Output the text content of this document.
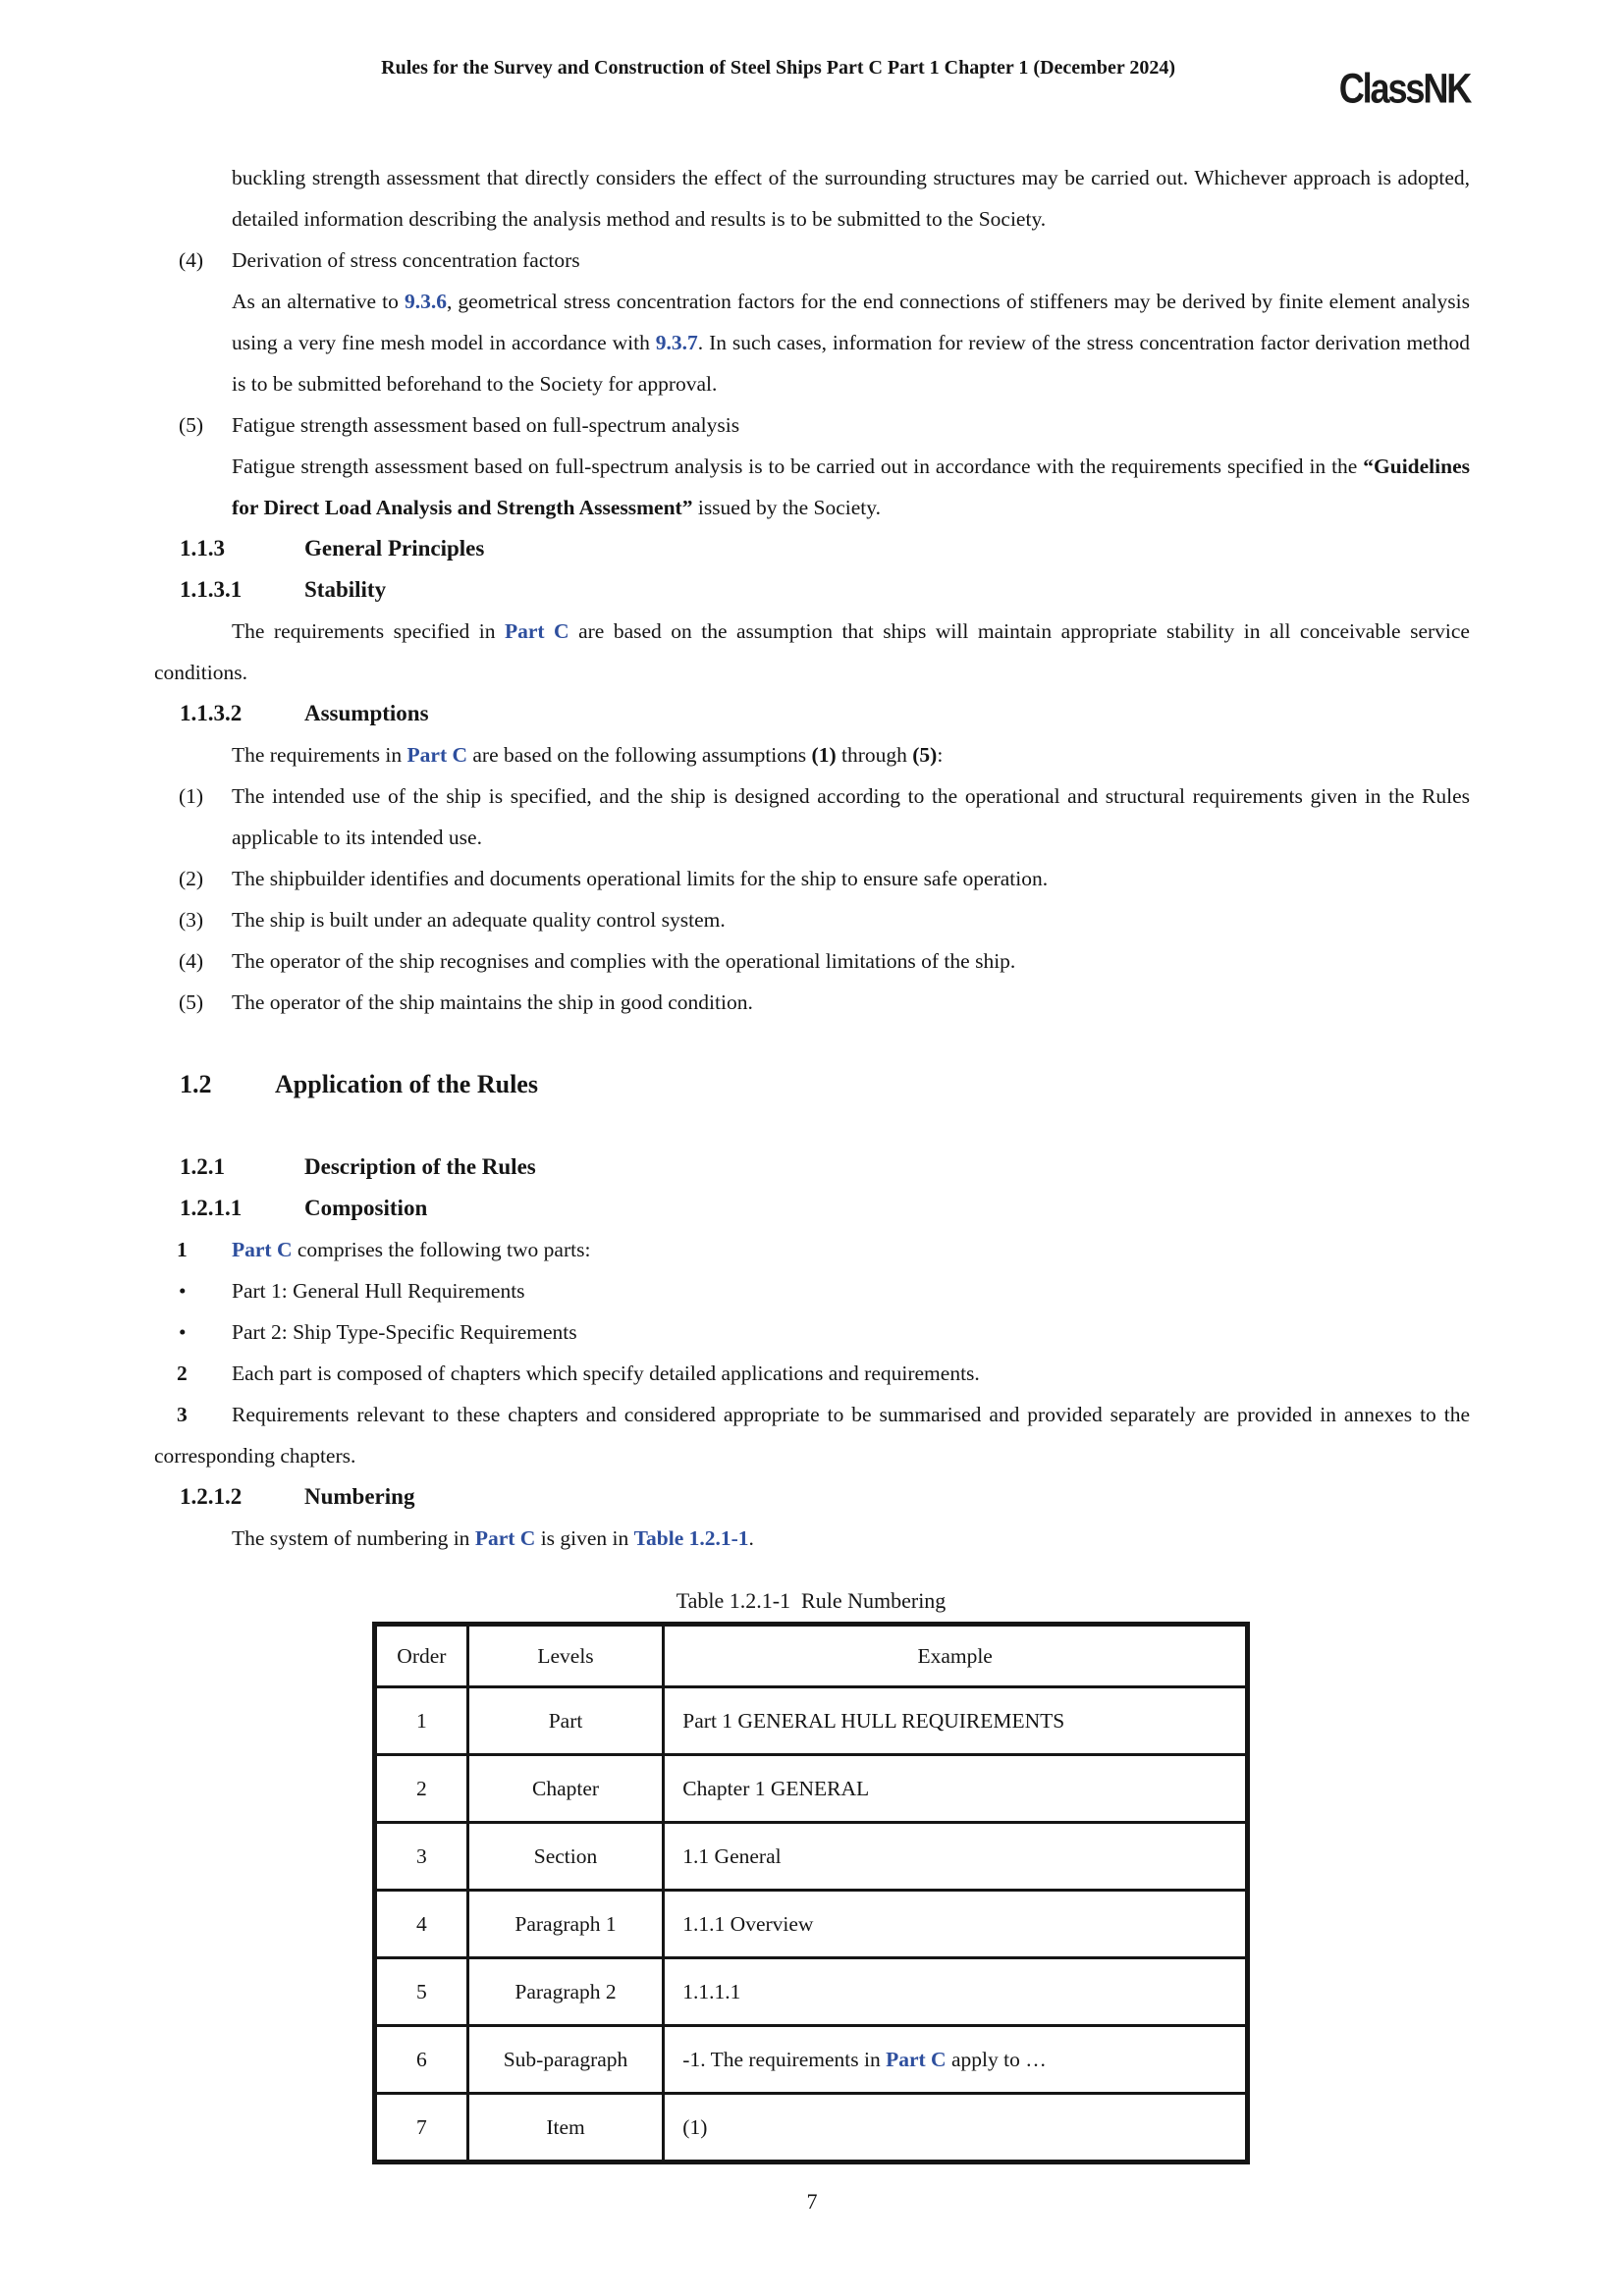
Rules for the Survey and Construction of Steel Ships Part C Part 1 Chapter 1 (December 2024)	ClassNK
buckling strength assessment that directly considers the effect of the surrounding structures may be carried out. Whichever approach is adopted, detailed information describing the analysis method and results is to be submitted to the Society.
(4) Derivation of stress concentration factors
As an alternative to 9.3.6, geometrical stress concentration factors for the end connections of stiffeners may be derived by finite element analysis using a very fine mesh model in accordance with 9.3.7. In such cases, information for review of the stress concentration factor derivation method is to be submitted beforehand to the Society for approval.
(5) Fatigue strength assessment based on full-spectrum analysis
Fatigue strength assessment based on full-spectrum analysis is to be carried out in accordance with the requirements specified in the “Guidelines for Direct Load Analysis and Strength Assessment” issued by the Society.
1.1.3	General Principles
1.1.3.1	Stability
The requirements specified in Part C are based on the assumption that ships will maintain appropriate stability in all conceivable service conditions.
1.1.3.2	Assumptions
The requirements in Part C are based on the following assumptions (1) through (5):
(1) The intended use of the ship is specified, and the ship is designed according to the operational and structural requirements given in the Rules applicable to its intended use.
(2) The shipbuilder identifies and documents operational limits for the ship to ensure safe operation.
(3) The ship is built under an adequate quality control system.
(4) The operator of the ship recognises and complies with the operational limitations of the ship.
(5) The operator of the ship maintains the ship in good condition.
1.2 Application of the Rules
1.2.1	Description of the Rules
1.2.1.1	Composition
1 Part C comprises the following two parts:
• Part 1: General Hull Requirements
• Part 2: Ship Type-Specific Requirements
2 Each part is composed of chapters which specify detailed applications and requirements.
3 Requirements relevant to these chapters and considered appropriate to be summarised and provided separately are provided in annexes to the corresponding chapters.
1.2.1.2	Numbering
The system of numbering in Part C is given in Table 1.2.1-1.
Table 1.2.1-1  Rule Numbering
Order	Levels	Example
1	Part	Part 1 GENERAL HULL REQUIREMENTS
2	Chapter	Chapter 1 GENERAL
3	Section	1.1 General
4	Paragraph 1	1.1.1 Overview
5	Paragraph 2	1.1.1.1
6	Sub-paragraph	-1. The requirements in Part C apply to …
7	Item	(1)
7
